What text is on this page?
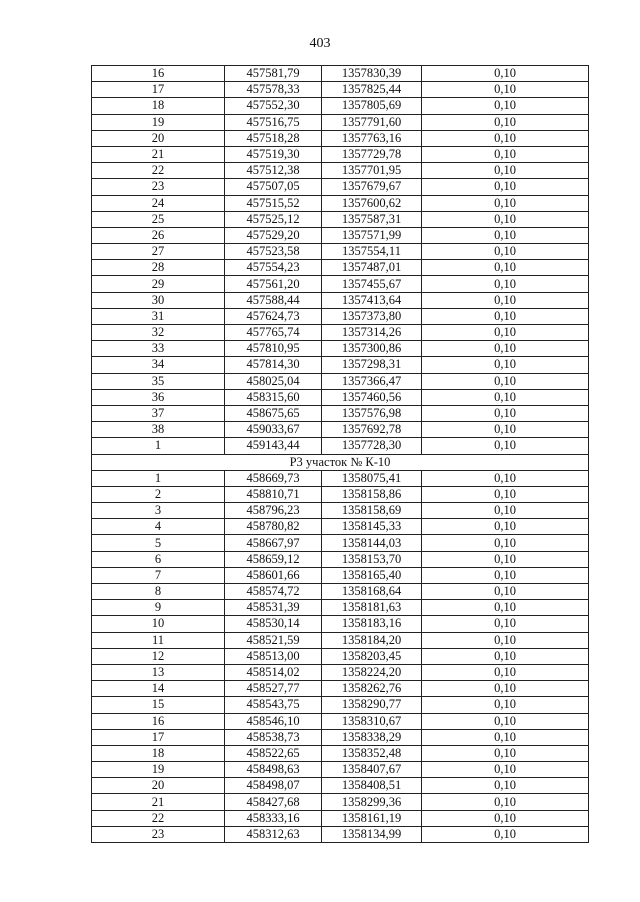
403
16	457581,79	1357830,39	0,10
17	457578,33	1357825,44	0,10
18	457552,30	1357805,69	0,10
19	457516,75	1357791,60	0,10
20	457518,28	1357763,16	0,10
21	457519,30	1357729,78	0,10
22	457512,38	1357701,95	0,10
23	457507,05	1357679,67	0,10
24	457515,52	1357600,62	0,10
25	457525,12	1357587,31	0,10
26	457529,20	1357571,99	0,10
27	457523,58	1357554,11	0,10
28	457554,23	1357487,01	0,10
29	457561,20	1357455,67	0,10
30	457588,44	1357413,64	0,10
31	457624,73	1357373,80	0,10
32	457765,74	1357314,26	0,10
33	457810,95	1357300,86	0,10
34	457814,30	1357298,31	0,10
35	458025,04	1357366,47	0,10
36	458315,60	1357460,56	0,10
37	458675,65	1357576,98	0,10
38	459033,67	1357692,78	0,10
1	459143,44	1357728,30	0,10
Р3 участок № К-10			
1	458669,73	1358075,41	0,10
2	458810,71	1358158,86	0,10
3	458796,23	1358158,69	0,10
4	458780,82	1358145,33	0,10
5	458667,97	1358144,03	0,10
6	458659,12	1358153,70	0,10
7	458601,66	1358165,40	0,10
8	458574,72	1358168,64	0,10
9	458531,39	1358181,63	0,10
10	458530,14	1358183,16	0,10
11	458521,59	1358184,20	0,10
12	458513,00	1358203,45	0,10
13	458514,02	1358224,20	0,10
14	458527,77	1358262,76	0,10
15	458543,75	1358290,77	0,10
16	458546,10	1358310,67	0,10
17	458538,73	1358338,29	0,10
18	458522,65	1358352,48	0,10
19	458498,63	1358407,67	0,10
20	458498,07	1358408,51	0,10
21	458427,68	1358299,36	0,10
22	458333,16	1358161,19	0,10
23	458312,63	1358134,99	0,10
